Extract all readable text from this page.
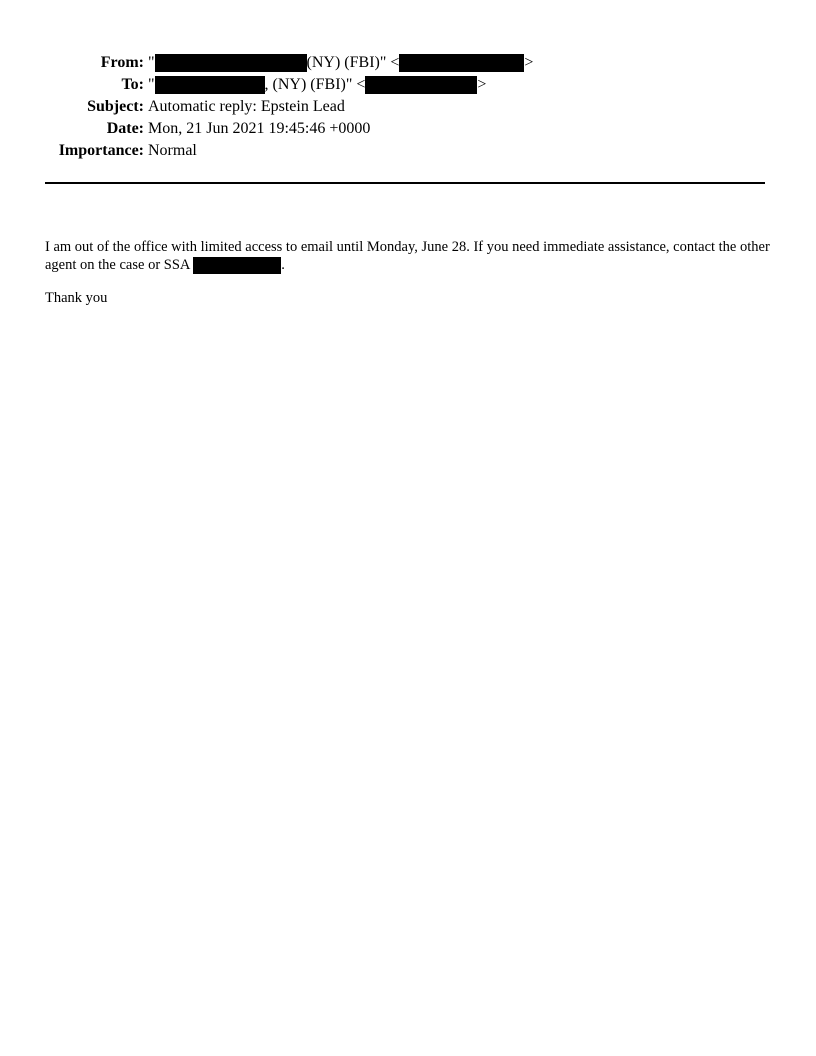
From: "	(NY) (FBI)" <	>
To: "	, (NY) (FBI)" <	>
Subject: Automatic reply: Epstein Lead
Date: Mon, 21 Jun 2021 19:45:46 +0000
Importance: Normal

I am out of the office with limited access to email until Monday, June 28. If you need immediate assistance, contact the other agent on the case or SSA	.

Thank you
